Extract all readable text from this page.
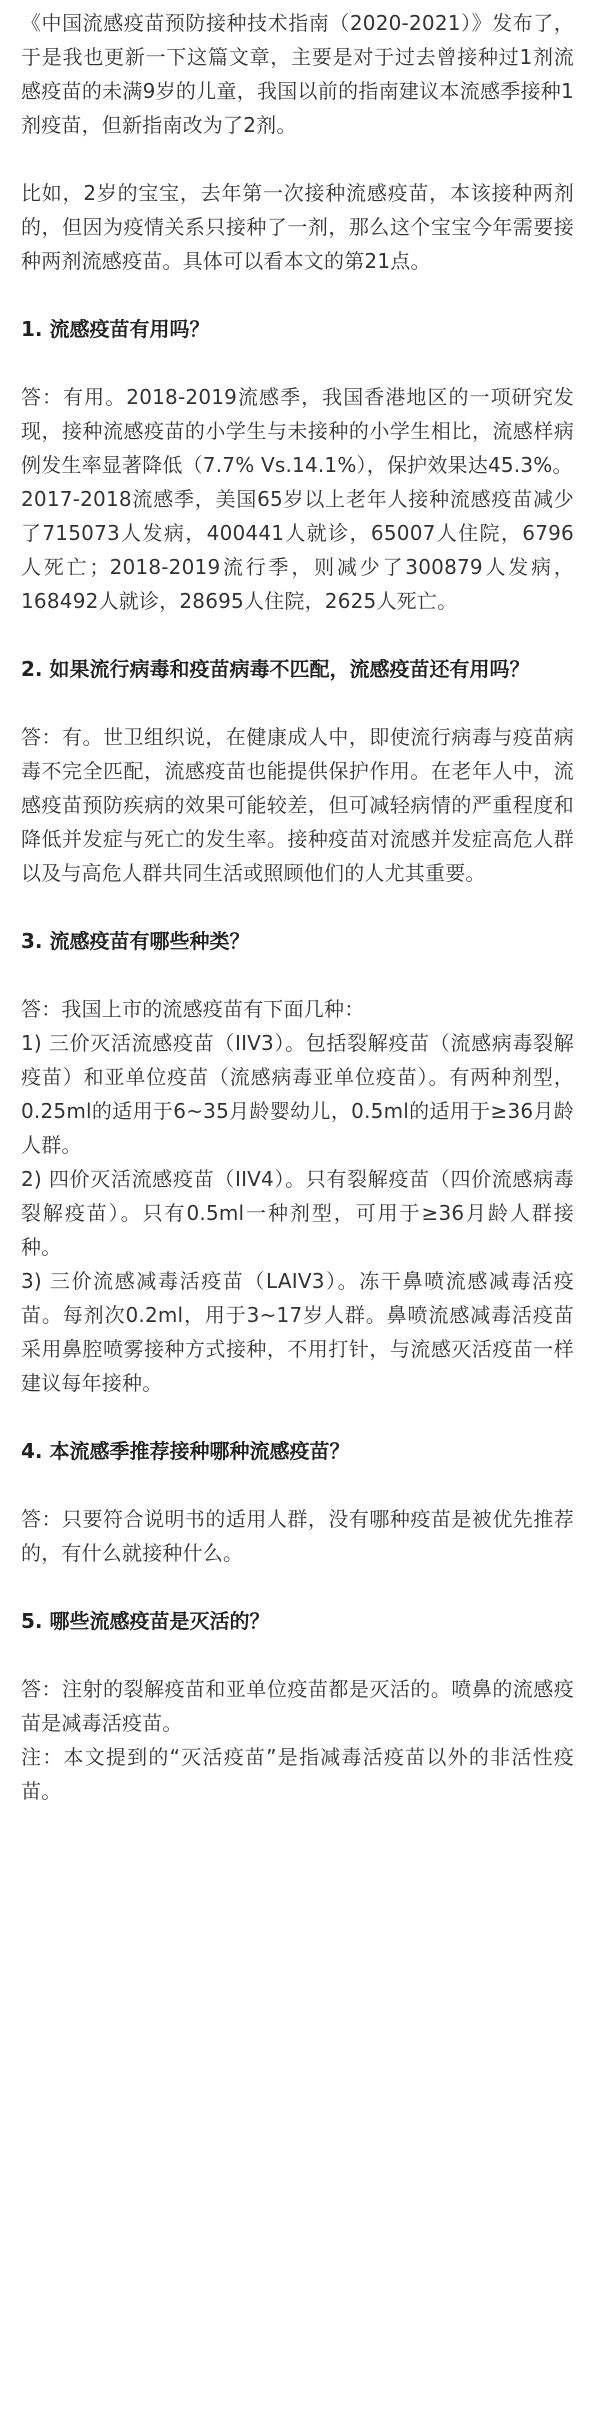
《中国流感疫苗预防接种技术指南（2020-2021）》发布了，于是我也更新一下这篇文章，主要是对于过去曾接种过1剂流感疫苗的未满9岁的儿童，我国以前的指南建议本流感季接种1剂疫苗，但新指南改为了2剂。

比如，2岁的宝宝，去年第一次接种流感疫苗，本该接种两剂的，但因为疫情关系只接种了一剂，那么这个宝宝今年需要接种两剂流感疫苗。具体可以看本文的第21点。

1. 流感疫苗有用吗？

答：有用。2018-2019流感季，我国香港地区的一项研究发现，接种流感疫苗的小学生与未接种的小学生相比，流感样病例发生率显著降低（7.7% Vs.14.1%），保护效果达45.3%。

2017-2018流感季，美国65岁以上老年人接种流感疫苗减少了715073人发病，400441人就诊，65007人住院，6796人死亡；2018-2019流行季，则减少了300879人发病，168492人就诊，28695人住院，2625人死亡。

2. 如果流行病毒和疫苗病毒不匹配，流感疫苗还有用吗？

答：有。世卫组织说，在健康成人中，即使流行病毒与疫苗病毒不完全匹配，流感疫苗也能提供保护作用。在老年人中，流感疫苗预防疾病的效果可能较差，但可减轻病情的严重程度和降低并发症与死亡的发生率。接种疫苗对流感并发症高危人群以及与高危人群共同生活或照顾他们的人尤其重要。

3. 流感疫苗有哪些种类？

答：我国上市的流感疫苗有下面几种：

1) 三价灭活流感疫苗（IIV3）。包括裂解疫苗（流感病毒裂解疫苗）和亚单位疫苗（流感病毒亚单位疫苗）。有两种剂型，0.25ml的适用于6~35月龄婴幼儿，0.5ml的适用于≥36月龄人群。

2) 四价灭活流感疫苗（IIV4）。只有裂解疫苗（四价流感病毒裂解疫苗）。只有0.5ml一种剂型，可用于≥36月龄人群接种。

3) 三价流感减毒活疫苗（LAIV3）。冻干鼻喷流感减毒活疫苗。每剂次0.2ml，用于3~17岁人群。鼻喷流感减毒活疫苗采用鼻腔喷雾接种方式接种，不用打针，与流感灭活疫苗一样建议每年接种。

4. 本流感季推荐接种哪种流感疫苗？

答：只要符合说明书的适用人群，没有哪种疫苗是被优先推荐的，有什么就接种什么。

5. 哪些流感疫苗是灭活的？

答：注射的裂解疫苗和亚单位疫苗都是灭活的。喷鼻的流感疫苗是减毒活疫苗。

注：本文提到的“灭活疫苗”是指减毒活疫苗以外的非活性疫苗。
